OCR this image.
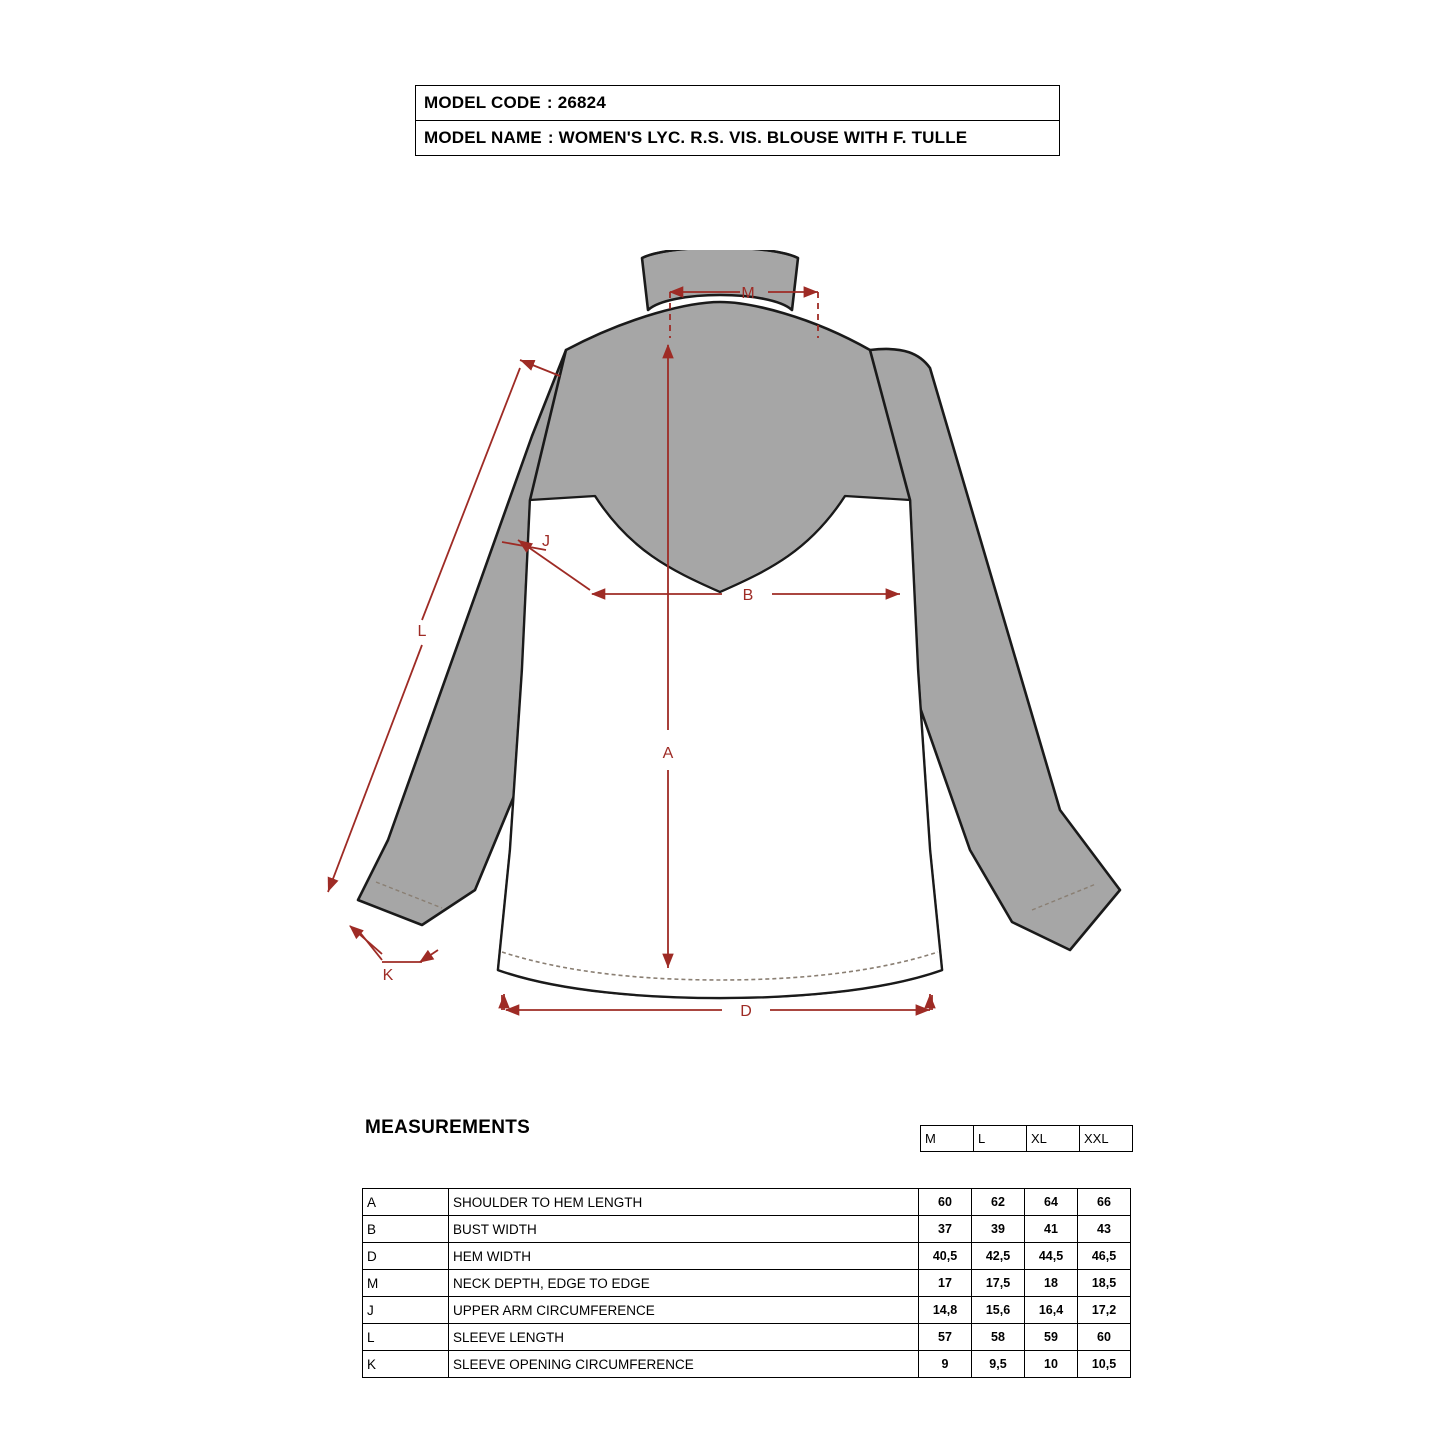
MODEL CODE : 26824
MODEL NAME : WOMEN'S LYC. R.S. VIS. BLOUSE WITH F. TULLE
M
A
B
D
J
L
K
MEASUREMENTS
M	L	XL	XXL
A	SHOULDER TO HEM LENGTH	60	62	64	66
B	BUST WIDTH	37	39	41	43
D	HEM WIDTH	40,5	42,5	44,5	46,5
M	NECK DEPTH, EDGE TO EDGE	17	17,5	18	18,5
J	UPPER ARM CIRCUMFERENCE	14,8	15,6	16,4	17,2
L	SLEEVE LENGTH	57	58	59	60
K	SLEEVE OPENING CIRCUMFERENCE	9	9,5	10	10,5
